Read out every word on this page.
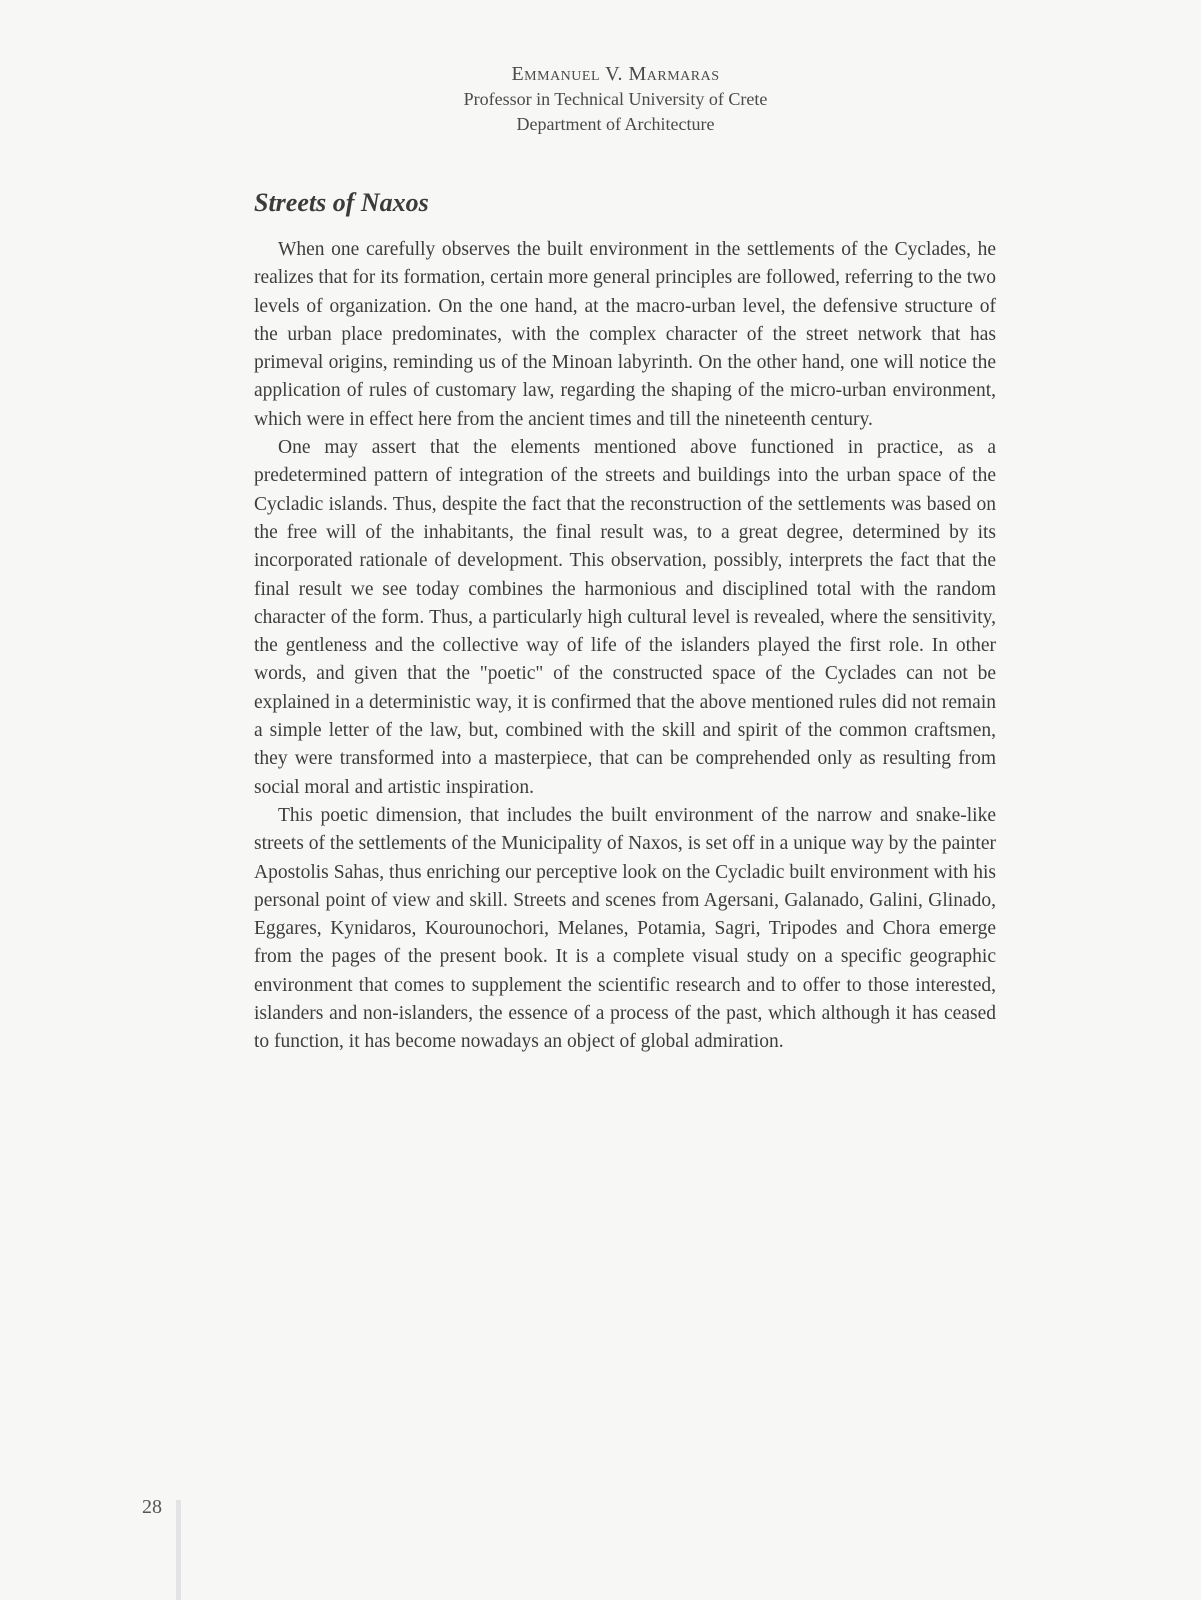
Emmanuel V. Marmaras
Professor in Technical University of Crete
Department of Architecture
Streets of Naxos

When one carefully observes the built environment in the settlements of the Cyclades, he realizes that for its formation, certain more general principles are followed, referring to the two levels of organization. On the one hand, at the macro-urban level, the defensive structure of the urban place predominates, with the complex character of the street network that has primeval origins, reminding us of the Minoan labyrinth. On the other hand, one will notice the application of rules of customary law, regarding the shaping of the micro-urban environment, which were in effect here from the ancient times and till the nineteenth century.

One may assert that the elements mentioned above functioned in practice, as a predetermined pattern of integration of the streets and buildings into the urban space of the Cycladic islands. Thus, despite the fact that the reconstruction of the settlements was based on the free will of the inhabitants, the final result was, to a great degree, determined by its incorporated rationale of development. This observation, possibly, interprets the fact that the final result we see today combines the harmonious and disciplined total with the random character of the form. Thus, a particularly high cultural level is revealed, where the sensitivity, the gentleness and the collective way of life of the islanders played the first role. In other words, and given that the "poetic" of the constructed space of the Cyclades can not be explained in a deterministic way, it is confirmed that the above mentioned rules did not remain a simple letter of the law, but, combined with the skill and spirit of the common craftsmen, they were transformed into a masterpiece, that can be comprehended only as resulting from social moral and artistic inspiration.

This poetic dimension, that includes the built environment of the narrow and snake-like streets of the settlements of the Municipality of Naxos, is set off in a unique way by the painter Apostolis Sahas, thus enriching our perceptive look on the Cycladic built environment with his personal point of view and skill. Streets and scenes from Agersani, Galanado, Galini, Glinado, Eggares, Kynidaros, Kourounochori, Melanes, Potamia, Sagri, Tripodes and Chora emerge from the pages of the present book. It is a complete visual study on a specific geographic environment that comes to supplement the scientific research and to offer to those interested, islanders and non-islanders, the essence of a process of the past, which although it has ceased to function, it has become nowadays an object of global admiration.

28
